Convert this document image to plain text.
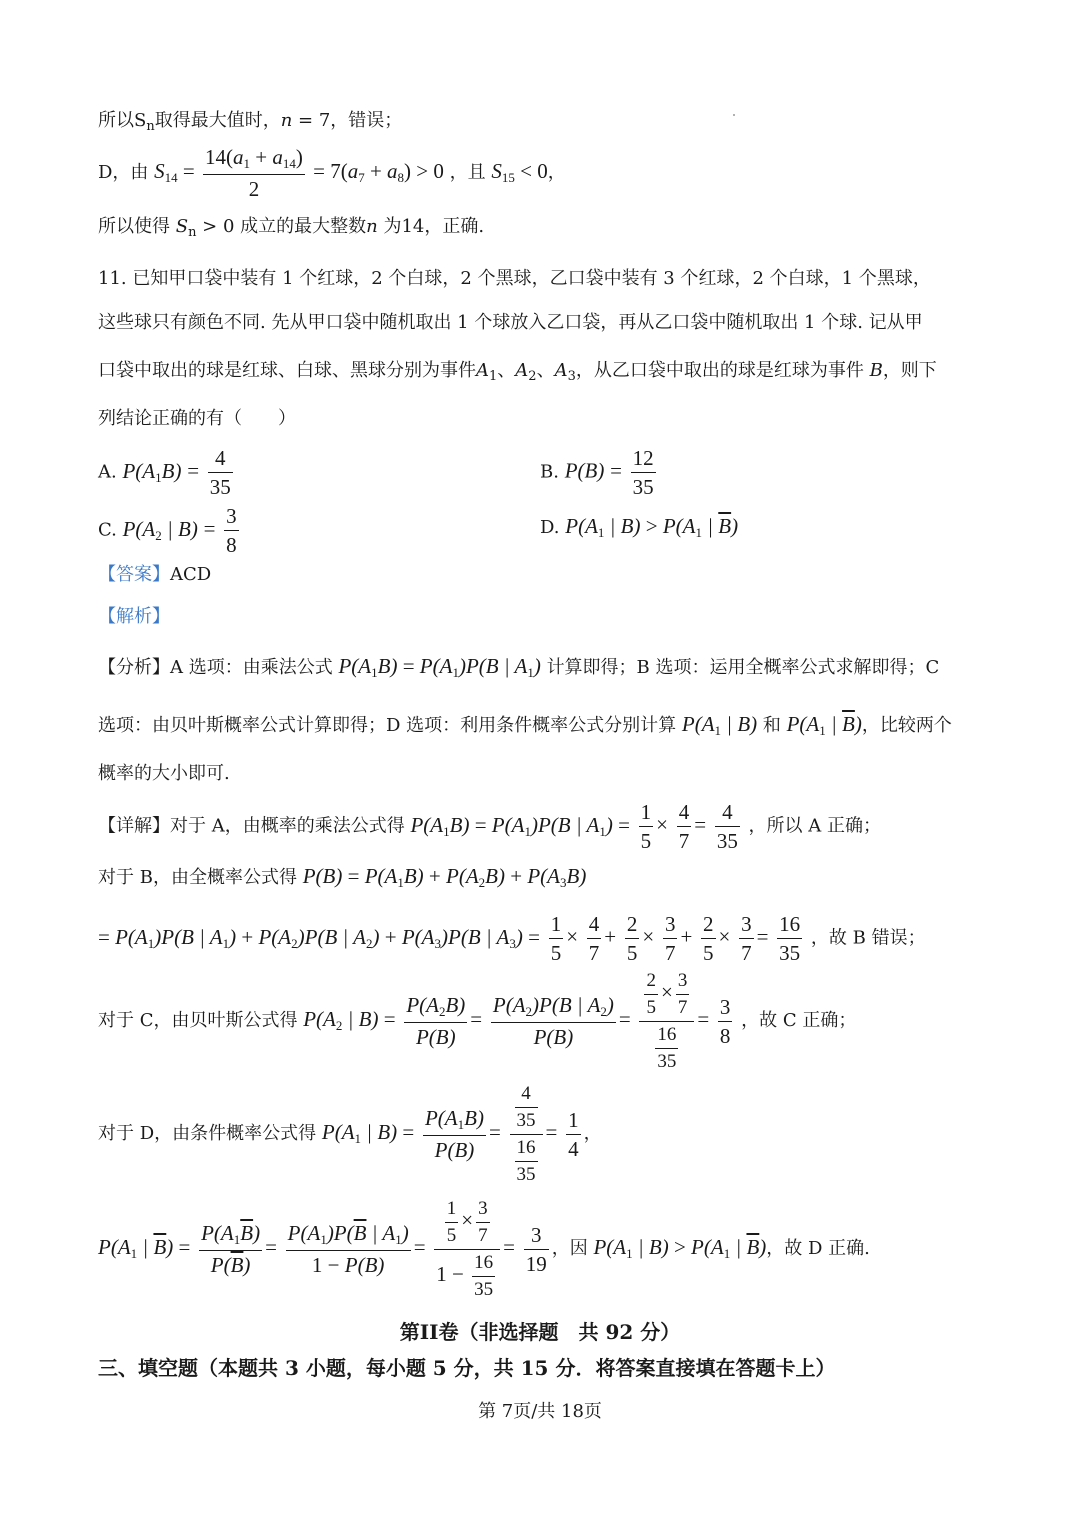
所以$S_n$取得最大值时，n = 7，错误；
D，由 $S_{14} = \frac{14(a_1 + a_{14})}{2} = 7(a_7 + a_8) > 0$ ，且 $S_{15} < 0$，
所以使得 $S_n > 0$ 成立的最大整数n 为14，正确.
11. 已知甲口袋中装有 1 个红球，2 个白球，2 个黑球，乙口袋中装有 3 个红球，2 个白球，1 个黑球，
这些球只有颜色不同. 先从甲口袋中随机取出 1 个球放入乙口袋，再从乙口袋中随机取出 1 个球. 记从甲
口袋中取出的球是红球、白球、黑球分别为事件$A_1$、$A_2$、$A_3$，从乙口袋中取出的球是红球为事件 B，则下
列结论正确的有（　　）
A. $P(A_1B) = \frac{4}{35}$	B. $P(B) = \frac{12}{35}$
C. $P(A_2$ | $B) = \frac{3}{8}$	D. $P(A_1$ | $B) > P(A_1$ | $\overline{B}$)
【答案】ACD
【解析】
【分析】A 选项：由乘法公式 $P(A_1B) = P(A_1)P(B$ | $A_1$) 计算即得；B 选项：运用全概率公式求解即得；C
选项：由贝叶斯概率公式计算即得；D 选项：利用条件概率公式分别计算 $P(A_1$ | B) 和 $P(A_1$ | $\overline{B}$)，比较两个
概率的大小即可.
【详解】对于 A，由概率的乘法公式得 $P(A_1B) = P(A_1)P(B$ | $A_1) = \frac{1}{5} \times \frac{4}{7} = \frac{4}{35}$ ，所以 A 正确；
对于 B，由全概率公式得 $P(B) = P(A_1B) + P(A_2B) + P(A_3B)$
= $P(A_1)P(B$ | $A_1) + P(A_2)P(B$ | $A_2) + P(A_3)P(B$ | $A_3) = \frac{1}{5} \times \frac{4}{7} + \frac{2}{5} \times \frac{3}{7} + \frac{2}{5} \times \frac{3}{7} = \frac{16}{35}$ ，故 B 错误；
对于 C，由贝叶斯公式得 $P(A_2$ | $B) = \frac{P(A_2B)}{P(B)} = \frac{P(A_2)P(B | A_2)}{P(B)} = \frac{\frac{2}{5} \times \frac{3}{7}}{\frac{16}{35}} = \frac{3}{8}$ ，故 C 正确；
对于 D，由条件概率公式得 $P(A_1$ | $B) = \frac{P(A_1B)}{P(B)} = \frac{\frac{4}{35}}{\frac{16}{35}} = \frac{1}{4}$ ，
$P(A_1$ | $\overline{B}) = \frac{P(A_1\overline{B})}{P(\overline{B})} = \frac{P(A_1)P(\overline{B} | A_1)}{1 - P(B)} = \frac{\frac{1}{5} \times \frac{3}{7}}{1 - \frac{16}{35}} = \frac{3}{19}$ ，因 $P(A_1$ | $B) > P(A_1$ | $\overline{B}$)，故 D 正确.
第II卷（非选择题　共 92 分）
三、填空题（本题共 3 小题，每小题 5 分，共 15 分．将答案直接填在答题卡上）
第 7页/共 18页
